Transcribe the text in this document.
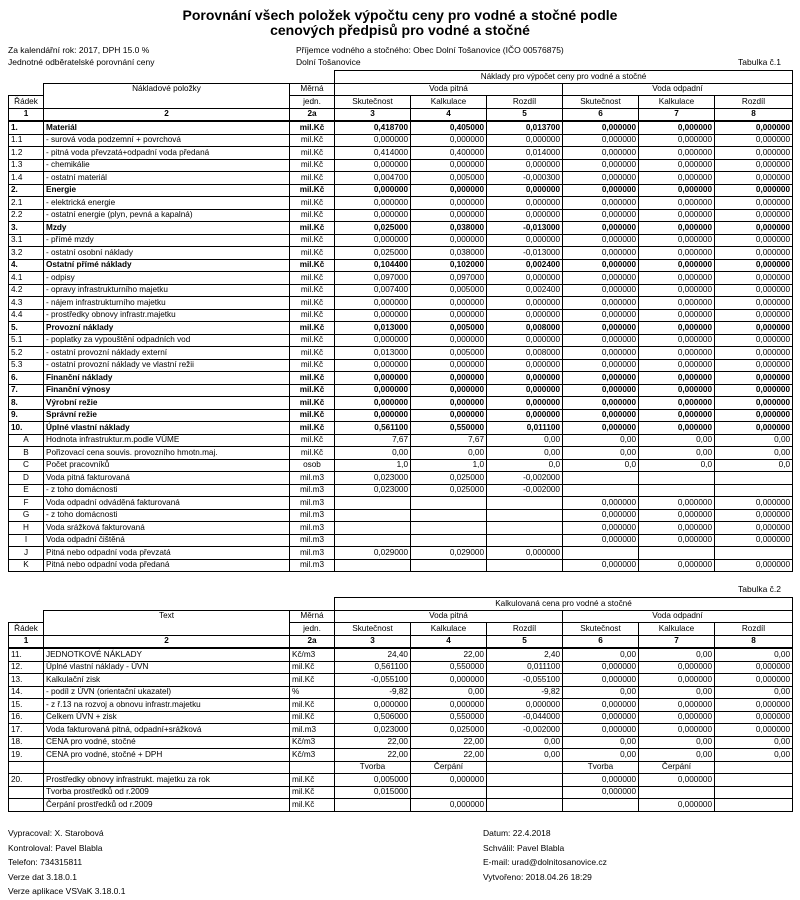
Porovnání všech položek výpočtu ceny pro vodné a stočné podle
cenových předpisů pro vodné a stočné
Za kalendářní rok: 2017, DPH 15.0 %	Příjemce vodného a stočného: Obec Dolní Tošanovice (IČO 00576875)
Jednotné odběratelské porovnání ceny	Dolní Tošanovice	Tabulka č.1
			Náklady pro výpočet ceny pro vodné a stočné					
	Nákladové položky	Měrná	Voda pitná			Voda odpadní		
Řádek		jedn.	Skutečnost	Kalkulace	Rozdíl	Skutečnost	Kalkulace	Rozdíl
1	2	2a	3	4	5	6	7	8
1.	Materiál	mil.Kč	0,418700	0,405000	0,013700	0,000000	0,000000	0,000000
1.1	- surová voda podzemní + povrchová	mil.Kč	0,000000	0,000000	0,000000	0,000000	0,000000	0,000000
1.2	- pitná voda převzatá+odpadní voda předaná	mil.Kč	0,414000	0,400000	0,014000	0,000000	0,000000	0,000000
1.3	- chemikálie	mil.Kč	0,000000	0,000000	0,000000	0,000000	0,000000	0,000000
1.4	- ostatní materiál	mil.Kč	0,004700	0,005000	-0,000300	0,000000	0,000000	0,000000
2.	Energie	mil.Kč	0,000000	0,000000	0,000000	0,000000	0,000000	0,000000
2.1	- elektrická energie	mil.Kč	0,000000	0,000000	0,000000	0,000000	0,000000	0,000000
2.2	- ostatní energie (plyn, pevná a kapalná)	mil.Kč	0,000000	0,000000	0,000000	0,000000	0,000000	0,000000
3.	Mzdy	mil.Kč	0,025000	0,038000	-0,013000	0,000000	0,000000	0,000000
3.1	- přímé mzdy	mil.Kč	0,000000	0,000000	0,000000	0,000000	0,000000	0,000000
3.2	- ostatní osobní náklady	mil.Kč	0,025000	0,038000	-0,013000	0,000000	0,000000	0,000000
4.	Ostatní přímé náklady	mil.Kč	0,104400	0,102000	0,002400	0,000000	0,000000	0,000000
4.1	- odpisy	mil.Kč	0,097000	0,097000	0,000000	0,000000	0,000000	0,000000
4.2	- opravy infrastrukturního majetku	mil.Kč	0,007400	0,005000	0,002400	0,000000	0,000000	0,000000
4.3	- nájem infrastrukturního majetku	mil.Kč	0,000000	0,000000	0,000000	0,000000	0,000000	0,000000
4.4	- prostředky obnovy infrastr.majetku	mil.Kč	0,000000	0,000000	0,000000	0,000000	0,000000	0,000000
5.	Provozní náklady	mil.Kč	0,013000	0,005000	0,008000	0,000000	0,000000	0,000000
5.1	- poplatky za vypouštění odpadních vod	mil.Kč	0,000000	0,000000	0,000000	0,000000	0,000000	0,000000
5.2	- ostatní provozní náklady externí	mil.Kč	0,013000	0,005000	0,008000	0,000000	0,000000	0,000000
5.3	- ostatní provozní náklady ve vlastní režii	mil.Kč	0,000000	0,000000	0,000000	0,000000	0,000000	0,000000
6.	Finanční náklady	mil.Kč	0,000000	0,000000	0,000000	0,000000	0,000000	0,000000
7.	Finanční výnosy	mil.Kč	0,000000	0,000000	0,000000	0,000000	0,000000	0,000000
8.	Výrobní režie	mil.Kč	0,000000	0,000000	0,000000	0,000000	0,000000	0,000000
9.	Správní režie	mil.Kč	0,000000	0,000000	0,000000	0,000000	0,000000	0,000000
10.	Úplné vlastní náklady	mil.Kč	0,561100	0,550000	0,011100	0,000000	0,000000	0,000000
A	Hodnota infrastruktur.m.podle VÚME	mil.Kč	7,67	7,67	0,00	0,00	0,00	0,00
B	Pořizovací cena souvis. provozního hmotn.maj.	mil.Kč	0,00	0,00	0,00	0,00	0,00	0,00
C	Počet pracovníků	osob	1,0	1,0	0,0	0,0	0,0	0,0
D	Voda pitná fakturovaná	mil.m3	0,023000	0,025000	-0,002000			
E	- z toho domácnosti	mil.m3	0,023000	0,025000	-0,002000			
F	Voda odpadní odváděná fakturovaná	mil.m3				0,000000	0,000000	0,000000
G	- z toho domácnosti	mil.m3				0,000000	0,000000	0,000000
H	Voda srážková fakturovaná	mil.m3				0,000000	0,000000	0,000000
I	Voda odpadní čištěná	mil.m3				0,000000	0,000000	0,000000
J	Pitná nebo odpadní voda převzatá	mil.m3	0,029000	0,029000	0,000000			
K	Pitná nebo odpadní voda předaná	mil.m3				0,000000	0,000000	0,000000
Tabulka č.2
			Kalkulovaná cena pro vodné a stočné					
	Text	Měrná	Voda pitná			Voda odpadní		
Řádek		jedn.	Skutečnost	Kalkulace	Rozdíl	Skutečnost	Kalkulace	Rozdíl
1	2	2a	3	4	5	6	7	8
11.	JEDNOTKOVÉ NÁKLADY	Kč/m3	24,40	22,00	2,40	0,00	0,00	0,00
12.	Úplné vlastní náklady - ÚVN	mil.Kč	0,561100	0,550000	0,011100	0,000000	0,000000	0,000000
13.	Kalkulační zisk	mil.Kč	-0,055100	0,000000	-0,055100	0,000000	0,000000	0,000000
14.	- podíl z ÚVN (orientační ukazatel)	%	-9,82	0,00	-9,82	0,00	0,00	0,00
15.	- z ř.13 na rozvoj a obnovu infrastr.majetku	mil.Kč	0,000000	0,000000	0,000000	0,000000	0,000000	0,000000
16.	Celkem ÚVN + zisk	mil.Kč	0,506000	0,550000	-0,044000	0,000000	0,000000	0,000000
17.	Voda fakturovaná pitná, odpadní+srážková	mil.m3	0,023000	0,025000	-0,002000	0,000000	0,000000	0,000000
18.	CENA pro vodné, stočné	Kč/m3	22,00	22,00	0,00	0,00	0,00	0,00
19.	CENA pro vodné, stočné + DPH	Kč/m3	22,00	22,00	0,00	0,00	0,00	0,00
			Tvorba	Čerpání		Tvorba	Čerpání	
20.	Prostředky obnovy infrastrukt. majetku za rok	mil.Kč	0,005000	0,000000		0,000000	0,000000	
	Tvorba prostředků od r.2009	mil.Kč	0,015000			0,000000		
	Čerpání prostředků od r.2009	mil.Kč		0,000000			0,000000	
Vypracoval: X. Starobová
Kontroloval: Pavel Blabla
Telefon: 734315811
Verze dat 3.18.0.1
Verze aplikace VSVaK 3.18.0.1
Datum: 22.4.2018
Schválil: Pavel Blabla
E-mail: urad@dolnitosanovice.cz
Vytvořeno: 2018.04.26 18:29
